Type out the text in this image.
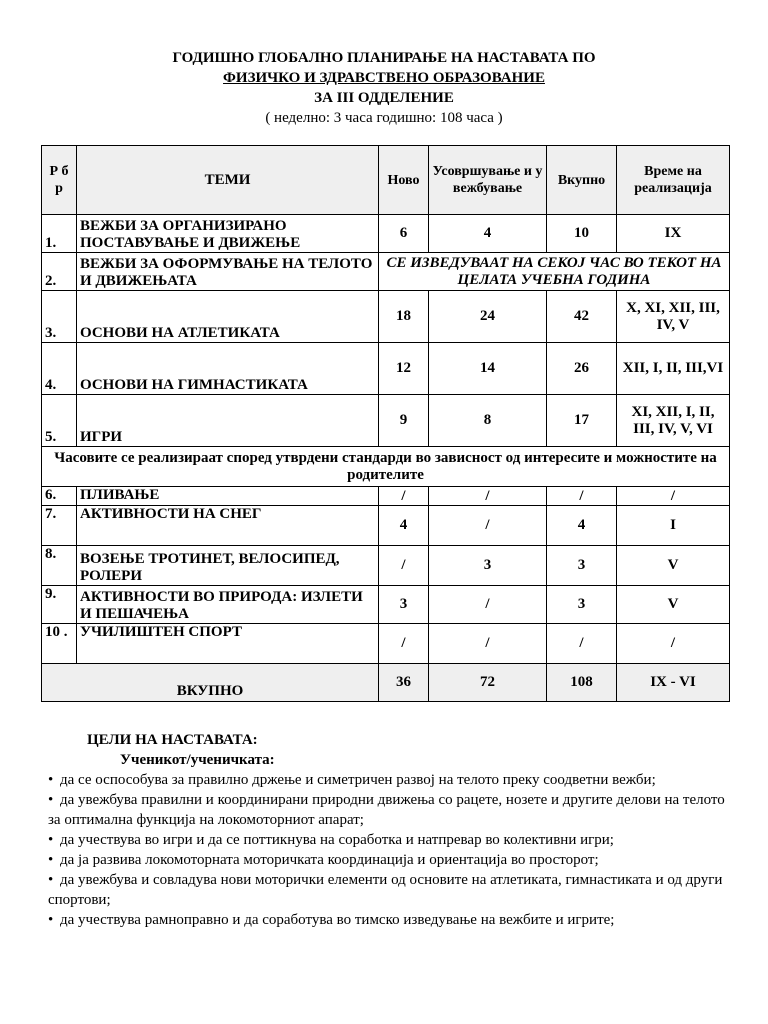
ГОДИШНО ГЛОБАЛНО ПЛАНИРАЊЕ НА НАСТАВАТА ПО
ФИЗИЧКО И ЗДРАВСТВЕНО ОБРАЗОВАНИЕ
ЗА III ОДДЕЛЕНИЕ
( неделно: 3 часа годишно: 108 часа )
Р б р	ТЕМИ	Ново	Усовршување и увежбување	Вкупно	Време на реализација
1.	ВЕЖБИ ЗА ОРГАНИЗИРАНО ПОСТАВУВАЊЕ И ДВИЖЕЊЕ	6	4	10	IX
2.	ВЕЖБИ ЗА ОФОРМУВАЊЕ НА ТЕЛОТО И ДВИЖЕЊАТА	СЕ ИЗВЕДУВААТ НА СЕКОЈ ЧАС ВО ТЕКОТ НА ЦЕЛАТА УЧЕБНА ГОДИНА			
3.	ОСНОВИ НА АТЛЕТИКАТА	18	24	42	X, XI, XII, III, IV, V
4.	ОСНОВИ НА ГИМНАСТИКАТА	12	14	26	XII, I, II, III,VI
5.	ИГРИ	9	8	17	XI, XII, I, II, III, IV, V, VI
Часовите се реализираат според утврдени стандарди во зависност од интересите и можностите на родителите					
6.	ПЛИВАЊЕ	/	/	/	/
7.	АКТИВНОСТИ НА СНЕГ	4	/	4	I
8.	ВОЗЕЊЕ ТРОТИНЕТ, ВЕЛОСИПЕД, РОЛЕРИ	/	3	3	V
9.	АКТИВНОСТИ ВО ПРИРОДА: ИЗЛЕТИ И ПЕШАЧЕЊА	3	/	3	V
10 .	УЧИЛИШТЕН СПОРТ	/	/	/	/
ВКУПНО		36	72	108	IX - VI
ЦЕЛИ НА НАСТАВАТА:
Ученикот/ученичката:
• да се оспособува за правилно држење и симетричен развој на телото преку соодветни вежби;
• да увежбува правилни и координирани природни движења со рацете, нозете и другите делови на телото за оптимална функција на локомоторниот апарат;
• да учествува во игри и да се поттикнува на соработка и натпревар во колективни игри;
• да ја развива локомоторната моторичката координација и ориентација во просторот;
• да увежбува и совладува нови моторички елементи од основите на атлетиката, гимнастиката и од други спортови;
• да учествува рамноправно и да соработува во тимско изведување на вежбите и игрите;
